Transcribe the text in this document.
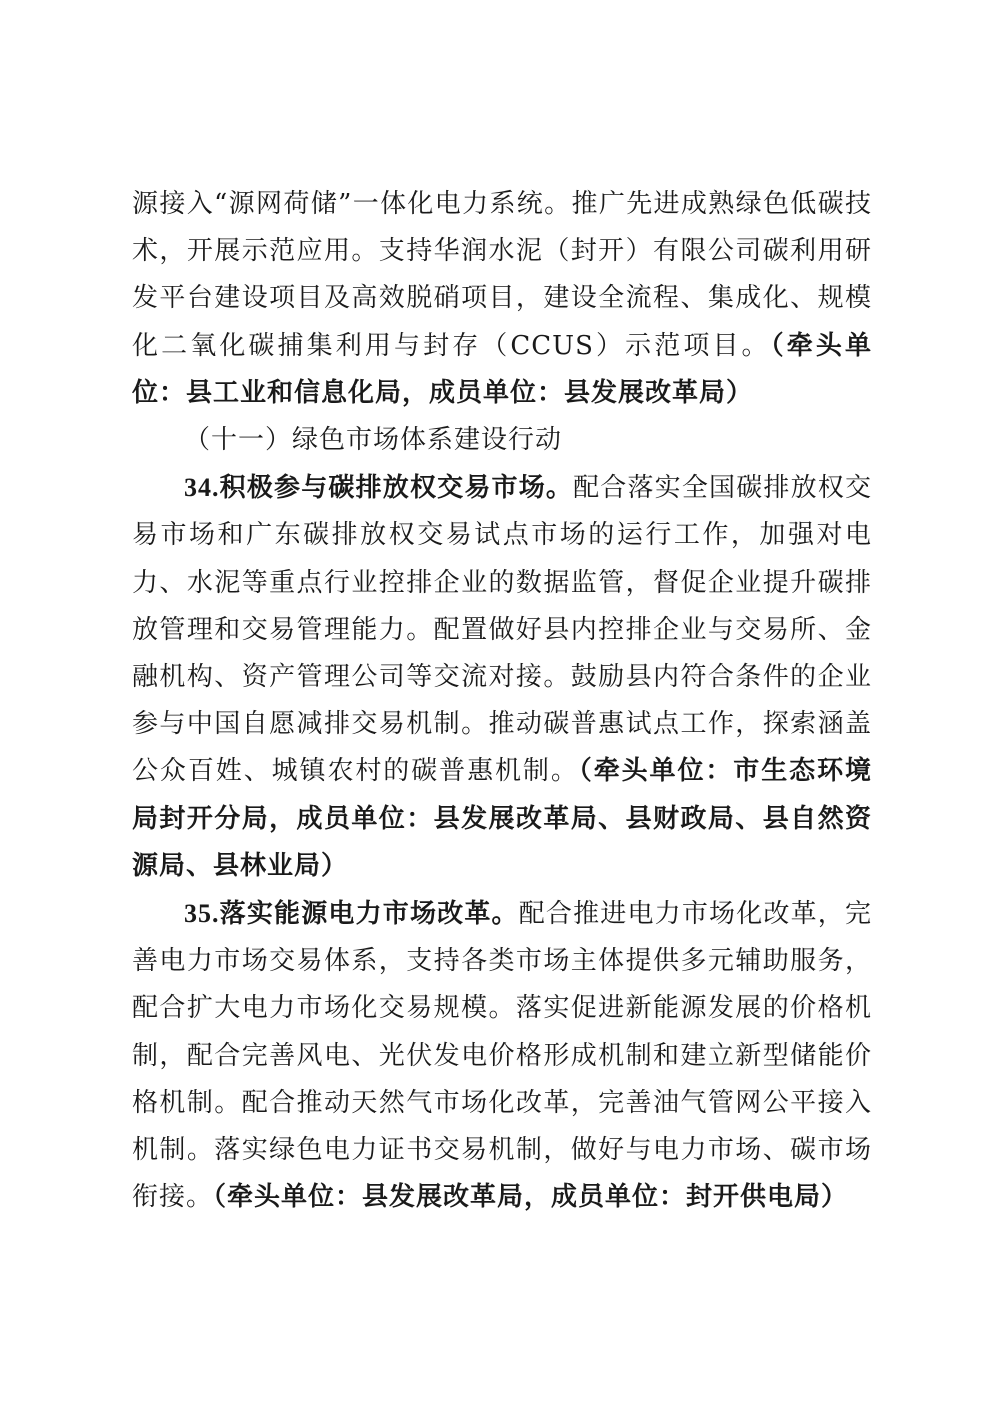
源接入“源网荷储”一体化电力系统。推广先进成熟绿色低碳技术，开展示范应用。支持华润水泥（封开）有限公司碳利用研发平台建设项目及高效脱硝项目，建设全流程、集成化、规模化二氧化碳捕集利用与封存（CCUS）示范项目。（牵头单位：县工业和信息化局，成员单位：县发展改革局）

（十一）绿色市场体系建设行动

34.积极参与碳排放权交易市场。配合落实全国碳排放权交易市场和广东碳排放权交易试点市场的运行工作，加强对电力、水泥等重点行业控排企业的数据监管，督促企业提升碳排放管理和交易管理能力。配置做好县内控排企业与交易所、金融机构、资产管理公司等交流对接。鼓励县内符合条件的企业参与中国自愿减排交易机制。推动碳普惠试点工作，探索涵盖公众百姓、城镇农村的碳普惠机制。（牵头单位：市生态环境局封开分局，成员单位：县发展改革局、县财政局、县自然资源局、县林业局）

35.落实能源电力市场改革。配合推进电力市场化改革，完善电力市场交易体系，支持各类市场主体提供多元辅助服务，配合扩大电力市场化交易规模。落实促进新能源发展的价格机制，配合完善风电、光伏发电价格形成机制和建立新型储能价格机制。配合推动天然气市场化改革，完善油气管网公平接入机制。落实绿色电力证书交易机制，做好与电力市场、碳市场衔接。（牵头单位：县发展改革局，成员单位：封开供电局）
